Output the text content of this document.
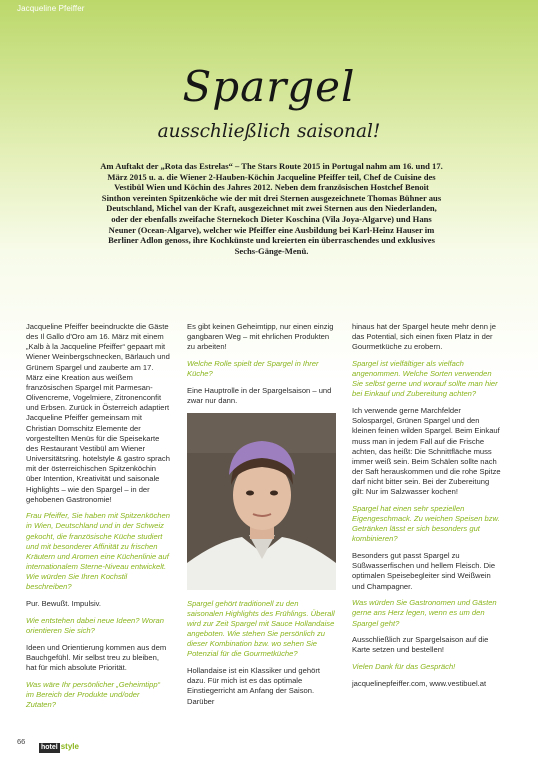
Jacqueline Pfeiffer
Spargel
ausschließlich saisonal!

Am Auftakt der „Rota das Estrelas“ – The Stars Route 2015 in Portugal nahm am 16. und 17. März 2015 u. a. die Wiener 2-Hauben-Köchin Jacqueline Pfeiffer teil, Chef de Cuisine des Vestibül Wien und Köchin des Jahres 2012. Neben dem französischen Hostchef Benoit Sinthon vereinten Spitzenköche wie der mit drei Sternen ausgezeichnete Thomas Bühner aus Deutschland, Michel van der Kraft, ausgezeichnet mit zwei Sternen aus den Niederlanden, oder der ebenfalls zweifache Sternekoch Dieter Koschina (Vila Joya-Algarve) und Hans Neuner (Ocean-Algarve), welcher wie Pfeiffer eine Ausbildung bei Karl-Heinz Hauser im Berliner Adlon genoss, ihre Kochkünste und kreierten ein überraschendes und exklusives Sechs-Gänge-Menü.

Jacqueline Pfeiffer beeindruckte die Gäste des Il Gallo d'Oro am 16. März mit einem „Kalb à la Jacqueline Pfeiffer“ gepaart mit Wiener Weinbergschnecken, Bärlauch und Grünem Spargel und zauberte am 17. März eine Kreation aus weißem französischen Spargel mit Parmesan-Olivencreme, Vogelmiere, Zitronenconfit und Erbsen. Zurück in Österreich adaptiert Jacqueline Pfeiffer gemeinsam mit Christian Domschitz Elemente der vorgestellten Menüs für die Speisekarte des Restaurant Vestibül am Wiener Universitätsring. hotelstyle & gastro sprach mit der österreichischen Spitzenköchin über Intention, Kreativität und saisonale Highlights – wie den Spargel – in der gehobenen Gastronomie!

Frau Pfeiffer, Sie haben mit Spitzenköchen in Wien, Deutschland und in der Schweiz gekocht, die französische Küche studiert und mit besonderer Affinität zu frischen Kräutern und Aromen eine Küchenlinie auf internationalem Sterne-Niveau entwickelt. Wie würden Sie Ihren Kochstil beschreiben?

Pur. Bewußt. Impulsiv.

Wie entstehen dabei neue Ideen? Woran orientieren Sie sich?

Ideen und Orientierung kommen aus dem Bauchgefühl. Mir selbst treu zu bleiben, hat für mich absolute Priorität.

Was wäre Ihr persönlicher „Geheimtipp“ im Bereich der Produkte und/oder Zutaten?

Es gibt keinen Geheimtipp, nur einen einzig gangbaren Weg – mit ehrlichen Produkten zu arbeiten!

Welche Rolle spielt der Spargel in Ihrer Küche?

Eine Hauptrolle in der Spargelsaison – und zwar nur dann.

Spargel gehört traditionell zu den saisonalen Highlights des Frühlings. Überall wird zur Zeit Spargel mit Sauce Hollandaise angeboten. Wie stehen Sie persönlich zu dieser Kombination bzw. wo sehen Sie Potenzial für die Gourmetküche?

Hollandaise ist ein Klassiker und gehört dazu. Für mich ist es das optimale Einstiegerricht am Anfang der Saison. Darüber

hinaus hat der Spargel heute mehr denn je das Potential, sich einen fixen Platz in der Gourmetküche zu erobern.

Spargel ist vielfältiger als vielfach angenommen. Welche Sorten verwenden Sie selbst gerne und worauf sollte man hier bei Einkauf und Zubereitung achten?

Ich verwende gerne Marchfelder Solospargel, Grünen Spargel und den kleinen feinen wilden Spargel. Beim Einkauf muss man in jedem Fall auf die Frische achten, das heißt: Die Schnittfläche muss immer weiß sein. Beim Schälen sollte nach der Saft herauskommen und die rohe Spitze darf nicht bitter sein. Bei der Zubereitung gilt: Nur im Salzwasser kochen!

Spargel hat einen sehr speziellen Eigengeschmack. Zu weichen Speisen bzw. Getränken lässt er sich besonders gut kombinieren?

Besonders gut passt Spargel zu Süßwasserfischen und hellem Fleisch. Die optimalen Speisebegleiter sind Weißwein und Champagner.

Was würden Sie Gastronomen und Gästen gerne ans Herz legen, wenn es um den Spargel geht?

Ausschließlich zur Spargelsaison auf die Karte setzen und bestellen!

Vielen Dank für das Gespräch!

jacquelinepfeiffer.com, www.vestibuel.at

66
hotel style
